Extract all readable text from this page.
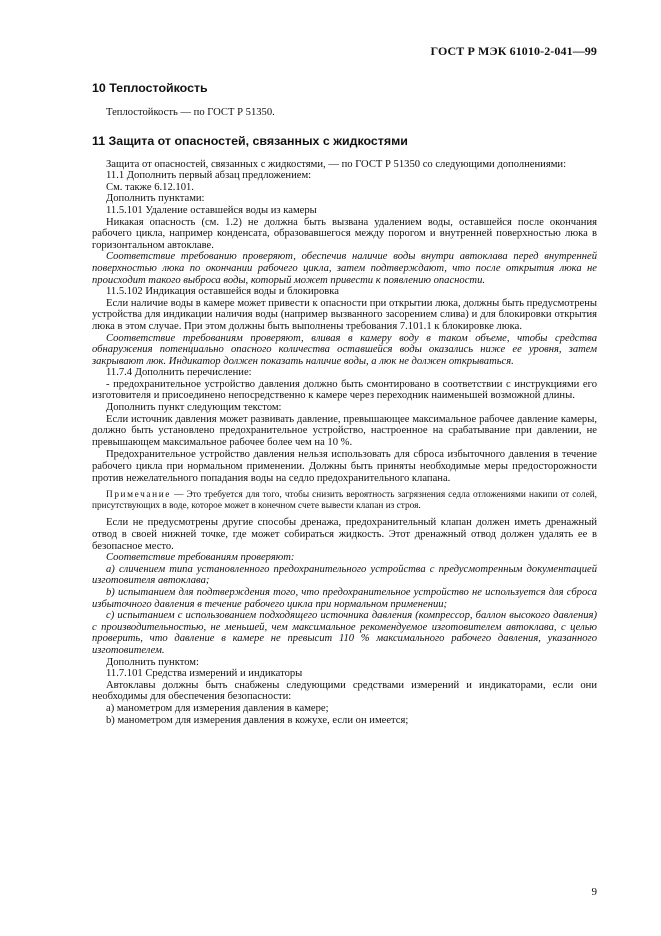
ГОСТ Р МЭК 61010-2-041—99
10 Теплостойкость

Теплостойкость — по ГОСТ Р 51350.

11 Защита от опасностей, связанных с жидкостями

Защита от опасностей, связанных с жидкостями, — по ГОСТ Р 51350 со следующими дополнениями:

11.1 Дополнить первый абзац предложением:

См. также 6.12.101.

Дополнить пунктами:

11.5.101 Удаление оставшейся воды из камеры

Никакая опасность (см. 1.2) не должна быть вызвана удалением воды, оставшейся после окончания рабочего цикла, например конденсата, образовавшегося между порогом и внутренней поверхностью люка в горизонтальном автоклаве.

Соответствие требованию проверяют, обеспечив наличие воды внутри автоклава перед внутренней поверхностью люка по окончании рабочего цикла, затем подтверждают, что после открытия люка не происходит такого выброса воды, который может привести к появлению опасности.

11.5.102 Индикация оставшейся воды и блокировка

Если наличие воды в камере может привести к опасности при открытии люка, должны быть предусмотрены устройства для индикации наличия воды (например вызванного засорением слива) и для блокировки открытия люка в этом случае. При этом должны быть выполнены требования 7.101.1 к блокировке люка.

Соответствие требованиям проверяют, вливая в камеру воду в таком объеме, чтобы средства обнаружения потенциально опасного количества оставшейся воды оказались ниже ее уровня, затем закрывают люк. Индикатор должен показать наличие воды, а люк не должен открываться.

11.7.4 Дополнить перечисление:

- предохранительное устройство давления должно быть смонтировано в соответствии с инструкциями его изготовителя и присоединено непосредственно к камере через переходник наименьшей возможной длины.

Дополнить пункт следующим текстом:

Если источник давления может развивать давление, превышающее максимальное рабочее давление камеры, должно быть установлено предохранительное устройство, настроенное на срабатывание при давлении, не превышающем максимальное рабочее более чем на 10 %.

Предохранительное устройство давления нельзя использовать для сброса избыточного давления в течение рабочего цикла при нормальном применении. Должны быть приняты необходимые меры предосторожности против нежелательного попадания воды на седло предохранительного клапана.

Примечание — Это требуется для того, чтобы снизить вероятность загрязнения седла отложениями накипи от солей, присутствующих в воде, которое может в конечном счете вывести клапан из строя.

Если не предусмотрены другие способы дренажа, предохранительный клапан должен иметь дренажный отвод в своей нижней точке, где может собираться жидкость. Этот дренажный отвод должен удалять ее в безопасное место.

Соответствие требованиям проверяют:

а) сличением типа установленного предохранительного устройства с предусмотренным документацией изготовителя автоклава;

b) испытанием для подтверждения того, что предохранительное устройство не используется для сброса избыточного давления в течение рабочего цикла при нормальном применении;

с) испытанием с использованием подходящего источника давления (компрессор, баллон высокого давления) с производительностью, не меньшей, чем максимальное рекомендуемое изготовителем автоклава, с целью проверить, что давление в камере не превысит 110 % максимального рабочего давления, указанного изготовителем.

Дополнить пунктом:

11.7.101 Средства измерений и индикаторы

Автоклавы должны быть снабжены следующими средствами измерений и индикаторами, если они необходимы для обеспечения безопасности:

а) манометром для измерения давления в камере;

b) манометром для измерения давления в кожухе, если он имеется;

9
